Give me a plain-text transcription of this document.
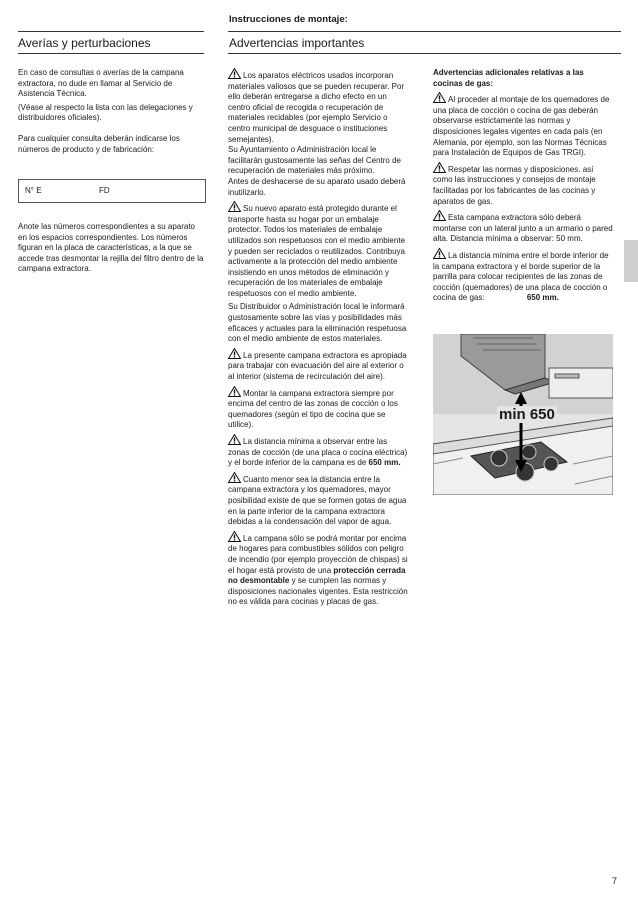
Instrucciones de montaje:
Averías y perturbaciones

En caso de consultas o averías de la campana extractora, no dude en llamar al Servicio de Asistencia Técnica.

(Véase al respecto la lista con las delegaciones y distribuidores oficiales).

Para cualquier consulta deberán indicarse los números de producto y de fabricación:

N° E	FD

Anote las números correspondientes a su aparato en los espacios correspondientes. Los números figuran en la placa de características, a la que se accede tras desmontar la rejilla del filtro dentro de la campana extractora.

Advertencias importantes

Los aparatos eléctricos usados incorporan materiales valiosos que se pueden recuperar. Por ello deberán entregarse a dicho efecto en un centro oficial de recogida o recuperación de materiales recidables (por ejemplo Servicio o centro municipal de desguace o instituciones semejantes).

Su Ayuntamiento o Administración local le facilitarán gustosamente las señas del Centro de recuperación de materiales más próximo.

Antes de deshacerse de su aparato usado deberá inutilizarlo.

Su nuevo aparato está protegido durante el transporte hasta su hogar por un embalaje protector. Todos los materiales de embalaje utilizados son respetuosos con el medio ambiente y pueden ser reciclados o reutilizados. Contribuya activamente a la protección del medio ambiente insistiendo en unos métodos de eliminación y recuperación de los materiales de embalaje respetuosos con el medio ambiente.

Su Distribuidor o Administración local le informará gustosamente sobre las vías y posibilidades más eficaces y actuales para la eliminación respetuosa con el medio ambiente de estos materiales.

La presente campana extractora es apropiada para trabajar con evacuación del aire al exterior o al interior (sistema de recirculación del aire).

Montar la campana extractora siempre por encima del centro de las zonas de cocción o los quemadores (según el tipo de cocina que se utilice).

La distancia mínima a observar entre las zonas de cocción (de una placa o cocina eléctrica) y el borde inferior de la campana es de 650 mm.

Cuanto menor sea la distancia entre la campana extractora y los quemadores, mayor posibilidad existe de que se formen gotas de agua en la parte inferior de la campana extractora debidas a la condensación del vapor de agua.

La campana sólo se podrá montar por encima de hogares para combustibles sólidos con peligro de incendio (por ejemplo proyección de chispas) si el hogar está provisto de una protección cerrada no desmontable y se cumplen las normas y disposiciones nacionales vigentes. Esta restricción no es válida para cocinas y placas de gas.

Advertencias adicionales relativas a las cocinas de gas:

Al proceder al montaje de los quemadores de una placa de cocción o cocina de gas deberán observarse estrictamente las normas y disposiciones legales vigentes en cada país (en Alemania, por ejemplo, son las Normas Técnicas para Instalación de Equipos de Gas TRGI).

Respetar las normas y disposiciones. así como las instrucciones y consejos de montaje facilitadas por los fabricantes de las cocinas y aparatos de gas.

Esta campana extractora sólo deberá montarse con un lateral junto a un armario o pared alta. Distancia mínima a observar: 50 mm.

La distancia mínima entre el borde inferior de la campana extractora y el borde superior de la parrilla para colocar recipientes de las zonas de cocción (quemadores) de una placa de cocción o cocina de gas:	650 mm.

min 650
7
